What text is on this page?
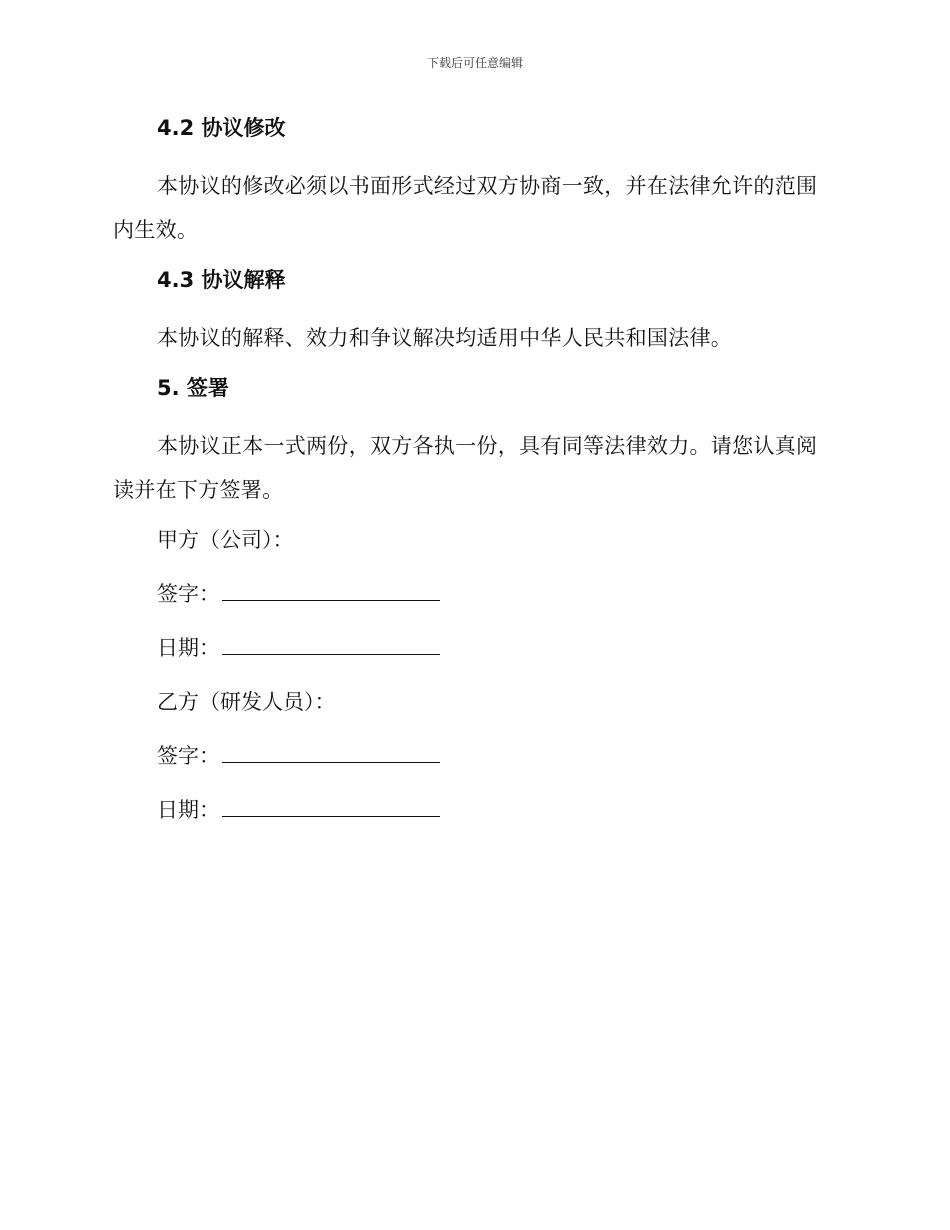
下载后可任意编辑
4.2 协议修改
本协议的修改必须以书面形式经过双方协商一致，并在法律允许的范围内生效。
4.3 协议解释
本协议的解释、效力和争议解决均适用中华人民共和国法律。
5. 签署
本协议正本一式两份，双方各执一份，具有同等法律效力。请您认真阅读并在下方签署。
甲方（公司）：
签字：
日期：
乙方（研发人员）：
签字：
日期：
